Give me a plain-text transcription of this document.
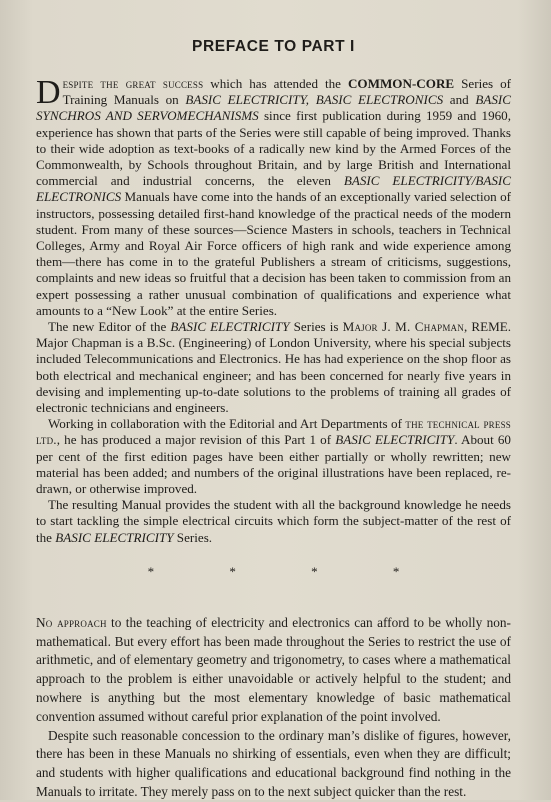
PREFACE TO PART I

Despite the great success which has attended the COMMON-CORE Series of Training Manuals on BASIC ELECTRICITY, BASIC ELECTRONICS and BASIC SYNCHROS AND SERVOMECHANISMS since first publication during 1959 and 1960, experience has shown that parts of the Series were still capable of being improved. Thanks to their wide adoption as text-books of a radically new kind by the Armed Forces of the Commonwealth, by Schools throughout Britain, and by large British and International commercial and industrial concerns, the eleven BASIC ELECTRICITY/BASIC ELECTRONICS Manuals have come into the hands of an exceptionally varied selection of instructors, possessing detailed first-hand knowledge of the practical needs of the modern student. From many of these sources—Science Masters in schools, teachers in Technical Colleges, Army and Royal Air Force officers of high rank and wide experience among them—there has come in to the grateful Publishers a stream of criticisms, suggestions, complaints and new ideas so fruitful that a decision has been taken to commission from an expert possessing a rather unusual combination of qualifications and experience what amounts to a “New Look” at the entire Series.

The new Editor of the BASIC ELECTRICITY Series is Major J. M. Chapman, REME. Major Chapman is a B.Sc. (Engineering) of London University, where his special subjects included Telecommunications and Electronics. He has had experience on the shop floor as both electrical and mechanical engineer; and has been concerned for nearly five years in devising and implementing up-to-date solutions to the problems of training all grades of electronic technicians and engineers.

Working in collaboration with the Editorial and Art Departments of the technical press ltd., he has produced a major revision of this Part 1 of BASIC ELECTRICITY. About 60 per cent of the first edition pages have been either partially or wholly rewritten; new material has been added; and numbers of the original illustrations have been replaced, re-drawn, or otherwise improved.

The resulting Manual provides the student with all the background knowledge he needs to start tackling the simple electrical circuits which form the subject-matter of the rest of the BASIC ELECTRICITY Series.

* * * *

No approach to the teaching of electricity and electronics can afford to be wholly non-mathematical. But every effort has been made throughout the Series to restrict the use of arithmetic, and of elementary geometry and trigonometry, to cases where a mathematical approach to the problem is either unavoidable or actively helpful to the student; and nowhere is anything but the most elementary knowledge of basic mathematical convention assumed without careful prior explanation of the point involved.

Despite such reasonable concession to the ordinary man’s dislike of figures, however, there has been in these Manuals no shirking of essentials, even when they are difficult; and students with higher qualifications and educational background find nothing in the Manuals to irritate. They merely pass on to the next subject quicker than the rest.
